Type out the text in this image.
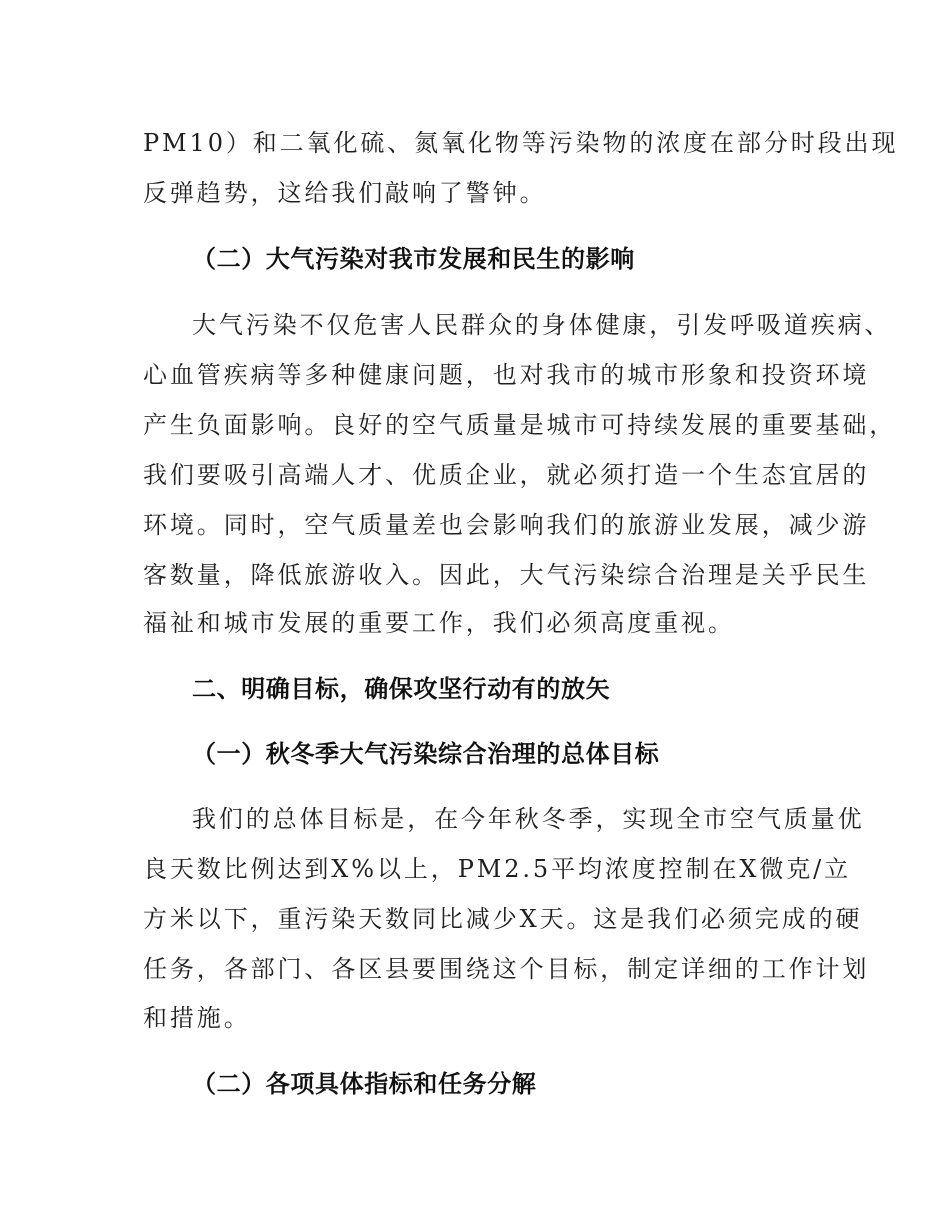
PM10）和二氧化硫、氮氧化物等污染物的浓度在部分时段出现
反弹趋势，这给我们敲响了警钟。
（二）大气污染对我市发展和民生的影响
大气污染不仅危害人民群众的身体健康，引发呼吸道疾病、
心血管疾病等多种健康问题，也对我市的城市形象和投资环境
产生负面影响。良好的空气质量是城市可持续发展的重要基础，
我们要吸引高端人才、优质企业，就必须打造一个生态宜居的
环境。同时，空气质量差也会影响我们的旅游业发展，减少游
客数量，降低旅游收入。因此，大气污染综合治理是关乎民生
福祉和城市发展的重要工作，我们必须高度重视。
二、明确目标，确保攻坚行动有的放矢
（一）秋冬季大气污染综合治理的总体目标
我们的总体目标是，在今年秋冬季，实现全市空气质量优
良天数比例达到X%以上，PM2.5平均浓度控制在X微克/立
方米以下，重污染天数同比减少X天。这是我们必须完成的硬
任务，各部门、各区县要围绕这个目标，制定详细的工作计划
和措施。
（二）各项具体指标和任务分解
